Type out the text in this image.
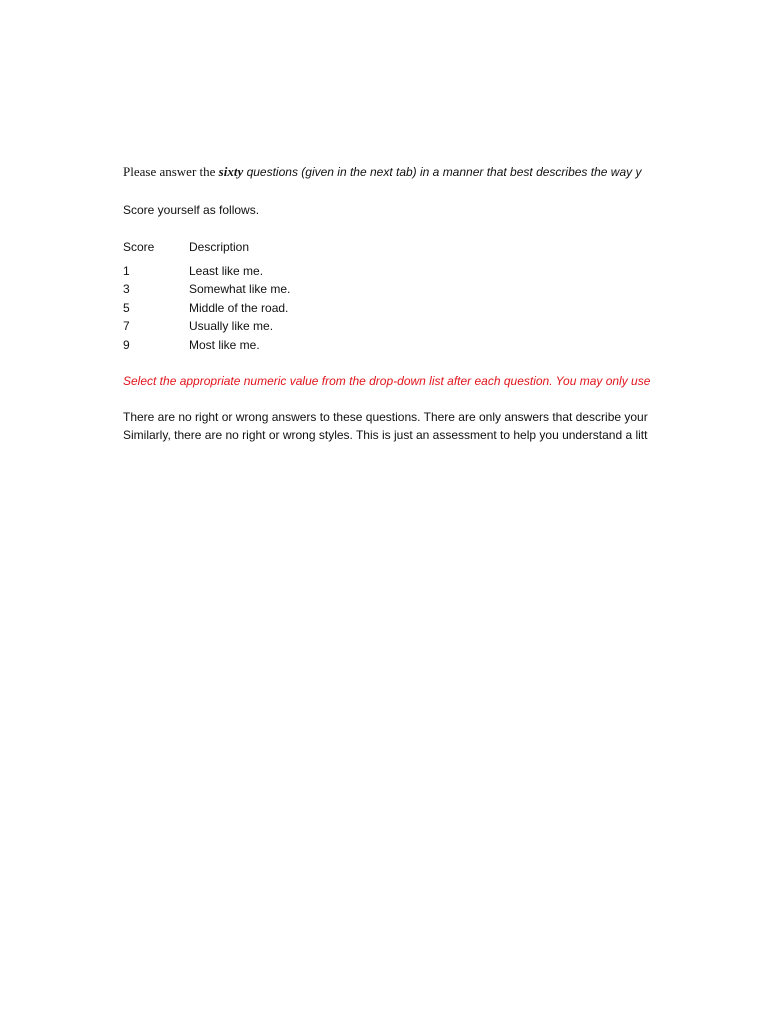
Please answer the sixty questions (given in the next tab) in a manner that best describes the way y
Score yourself as follows.
Score	Description
1	Least like me.
3	Somewhat like me.
5	Middle of the road.
7	Usually like me.
9	Most like me.
Select the appropriate numeric value from the drop-down list after each question. You may only use
There are no right or wrong answers to these questions. There are only answers that describe your
Similarly, there are no right or wrong styles. This is just an assessment to help you understand a litt
